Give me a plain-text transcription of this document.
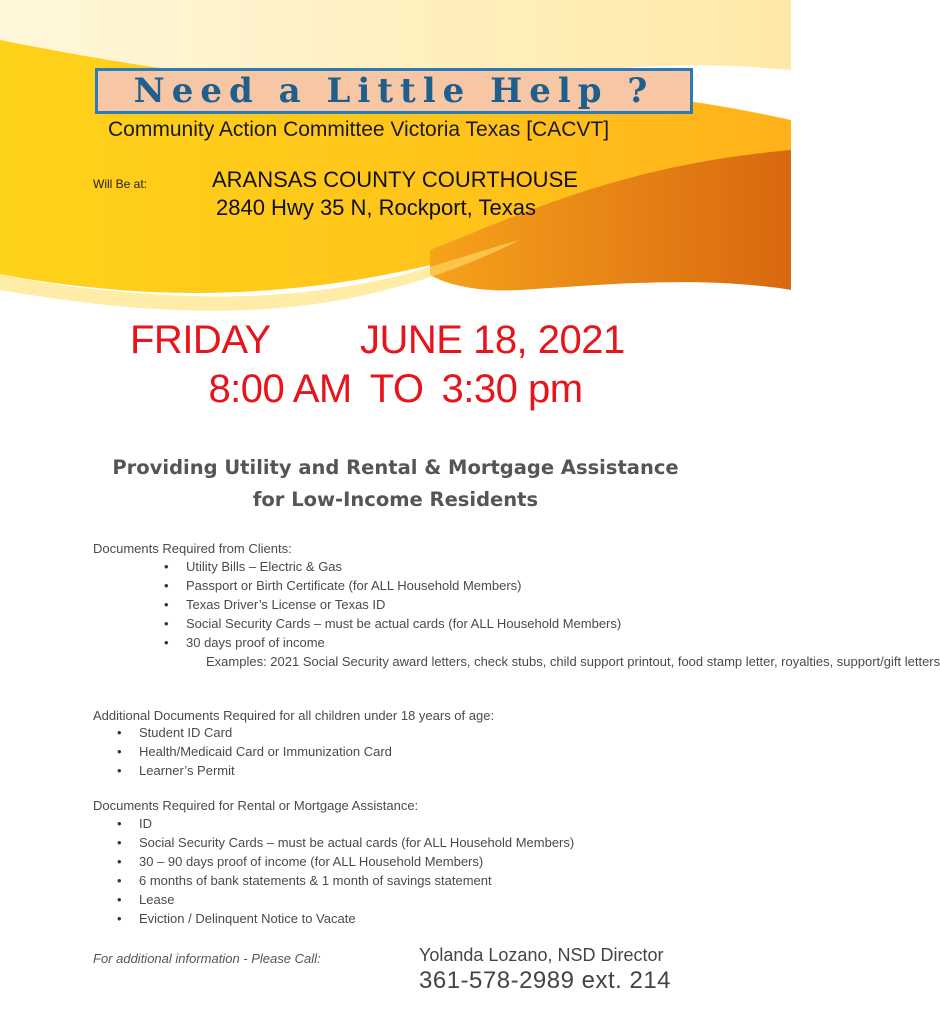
Need a Little Help ?
Community Action Committee Victoria Texas [CACVT]
Will Be at:	ARANSAS COUNTY COURTHOUSE
2840 Hwy 35 N, Rockport, Texas
FRIDAY JUNE 18, 2021
8:00 AM TO 3:30 pm
Providing Utility and Rental & Mortgage Assistance
for Low-Income Residents
Documents Required from Clients:
• Utility Bills – Electric & Gas
• Passport or Birth Certificate (for ALL Household Members)
• Texas Driver’s License or Texas ID
• Social Security Cards – must be actual cards (for ALL Household Members)
• 30 days proof of income
Examples: 2021 Social Security award letters, check stubs, child support printout, food stamp letter, royalties, support/gift letters
Additional Documents Required for all children under 18 years of age:
• Student ID Card
• Health/Medicaid Card or Immunization Card
• Learner’s Permit
Documents Required for Rental or Mortgage Assistance:
• ID
• Social Security Cards – must be actual cards (for ALL Household Members)
• 30 – 90 days proof of income (for ALL Household Members)
• 6 months of bank statements & 1 month of savings statement
• Lease
• Eviction / Delinquent Notice to Vacate
For additional information - Please Call:	Yolanda Lozano, NSD Director
361-578-2989 ext. 214
